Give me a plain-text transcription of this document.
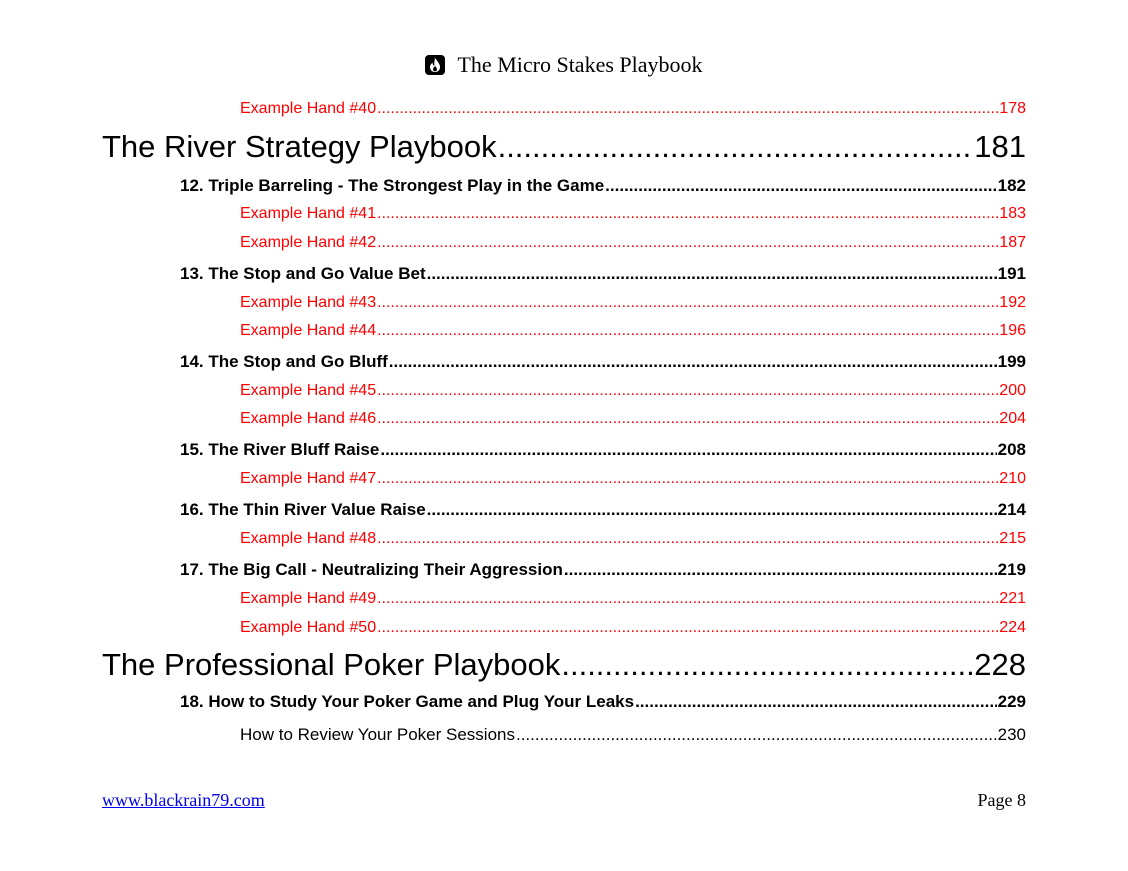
The Micro Stakes Playbook
Example Hand #40 .....	178
The River Strategy Playbook .....	181
12. Triple Barreling - The Strongest Play in the Game .....	182
Example Hand #41 .....	183
Example Hand #42 .....	187
13. The Stop and Go Value Bet .....	191
Example Hand #43 .....	192
Example Hand #44 .....	196
14. The Stop and Go Bluff .....	199
Example Hand #45 .....	200
Example Hand #46 .....	204
15. The River Bluff Raise .....	208
Example Hand #47 .....	210
16. The Thin River Value Raise .....	214
Example Hand #48 .....	215
17. The Big Call - Neutralizing Their Aggression .....	219
Example Hand #49 .....	221
Example Hand #50 .....	224
The Professional Poker Playbook .....	228
18. How to Study Your Poker Game and Plug Your Leaks .....	229
How to Review Your Poker Sessions .....	230
www.blackrain79.com	Page 8
